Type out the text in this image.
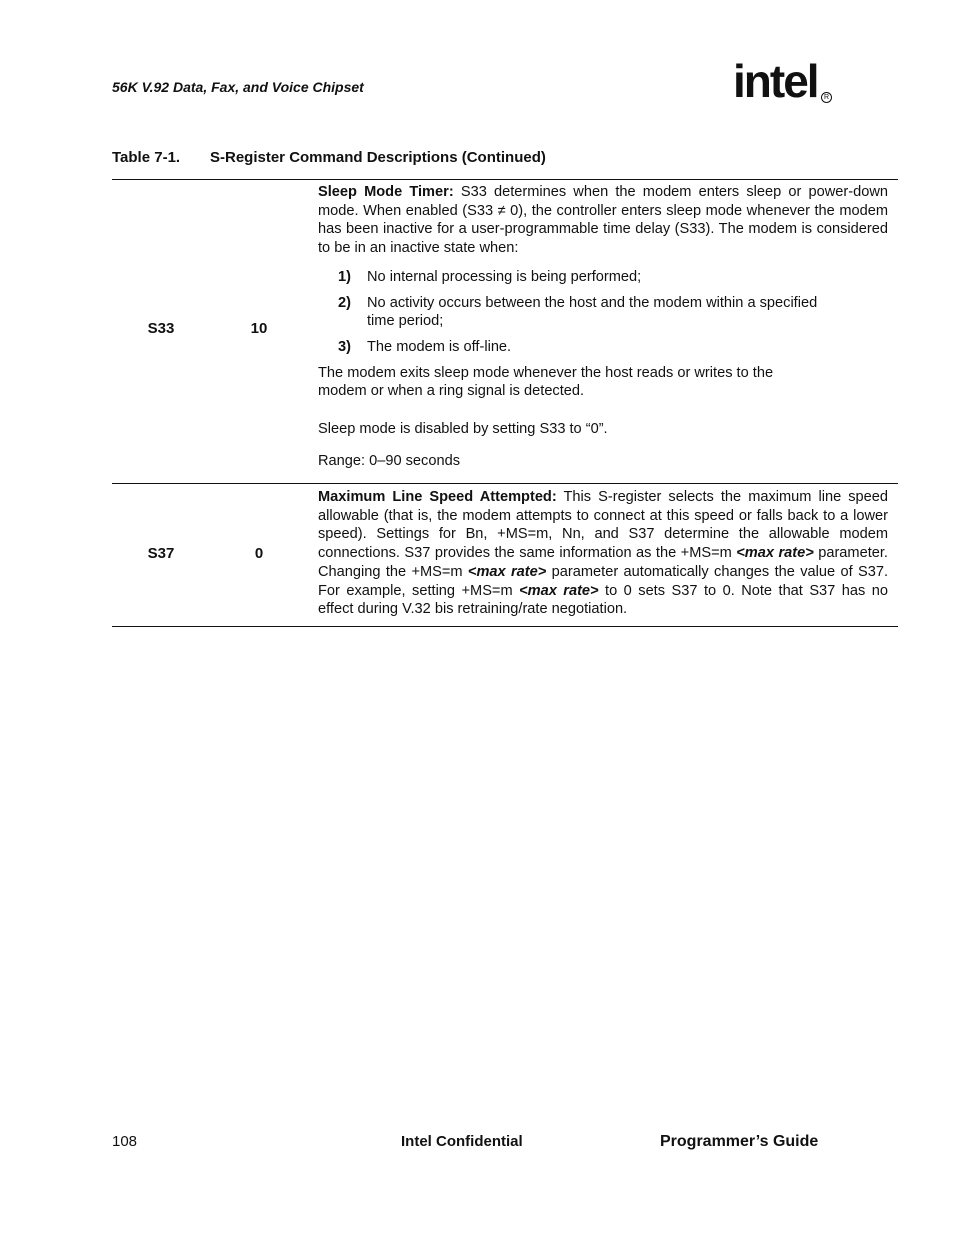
56K V.92 Data, Fax, and Voice Chipset	intel R
Table 7-1. S-Register Command Descriptions (Continued)
S33	10

Sleep Mode Timer: S33 determines when the modem enters sleep or power-down mode. When enabled (S33 ≠ 0), the controller enters sleep mode whenever the modem has been inactive for a user-programmable time delay (S33). The modem is considered to be in an inactive state when:

1) No internal processing is being performed;
2) No activity occurs between the host and the modem within a specified time period;
3) The modem is off-line.

The modem exits sleep mode whenever the host reads or writes to the modem or when a ring signal is detected.

Sleep mode is disabled by setting S33 to “0”.

Range: 0–90 seconds

S37	0

Maximum Line Speed Attempted: This S-register selects the maximum line speed allowable (that is, the modem attempts to connect at this speed or falls back to a lower speed). Settings for Bn, +MS=m, Nn, and S37 determine the allowable modem connections. S37 provides the same information as the +MS=m <max rate> parameter. Changing the +MS=m <max rate> parameter automatically changes the value of S37. For example, setting +MS=m <max rate> to 0 sets S37 to 0. Note that S37 has no effect during V.32 bis retraining/rate negotiation.

108	Intel Confidential	Programmer’s Guide
